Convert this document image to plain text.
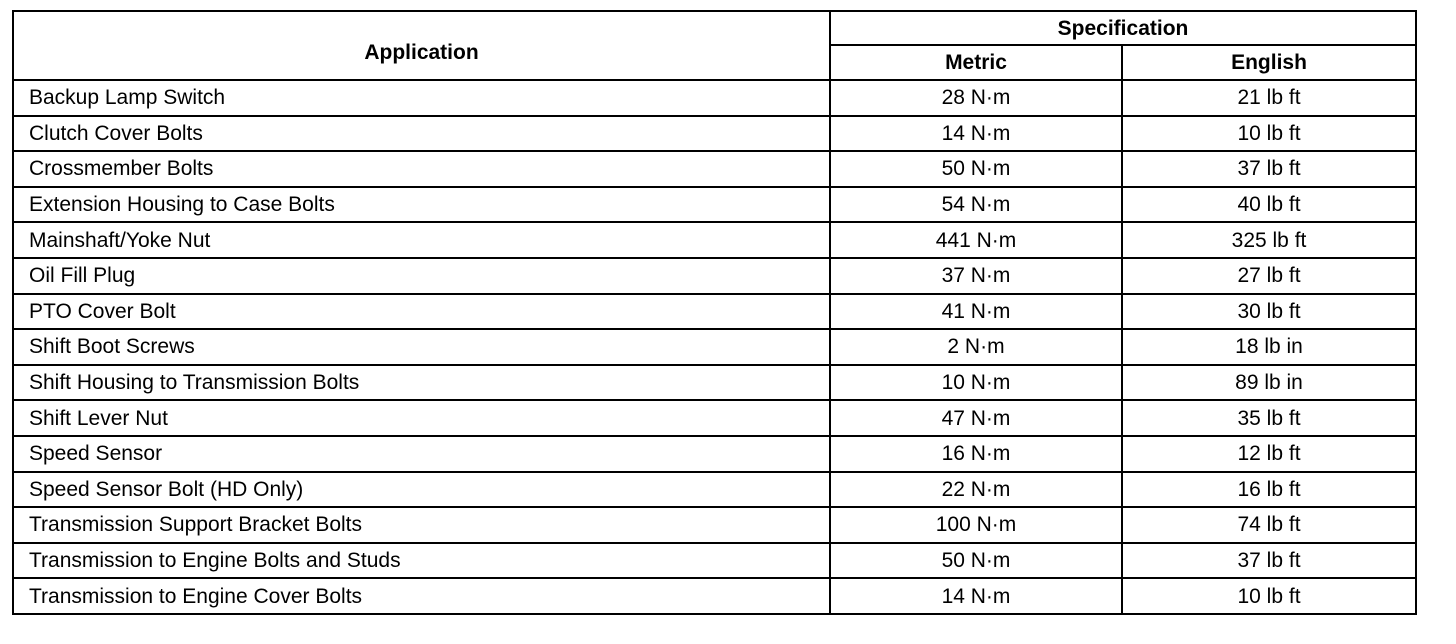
Application	Specification	
	Metric	English
Backup Lamp Switch	28 N·m	21 lb ft
Clutch Cover Bolts	14 N·m	10 lb ft
Crossmember Bolts	50 N·m	37 lb ft
Extension Housing to Case Bolts	54 N·m	40 lb ft
Mainshaft/Yoke Nut	441 N·m	325 lb ft
Oil Fill Plug	37 N·m	27 lb ft
PTO Cover Bolt	41 N·m	30 lb ft
Shift Boot Screws	2 N·m	18 lb in
Shift Housing to Transmission Bolts	10 N·m	89 lb in
Shift Lever Nut	47 N·m	35 lb ft
Speed Sensor	16 N·m	12 lb ft
Speed Sensor Bolt (HD Only)	22 N·m	16 lb ft
Transmission Support Bracket Bolts	100 N·m	74 lb ft
Transmission to Engine Bolts and Studs	50 N·m	37 lb ft
Transmission to Engine Cover Bolts	14 N·m	10 lb ft
